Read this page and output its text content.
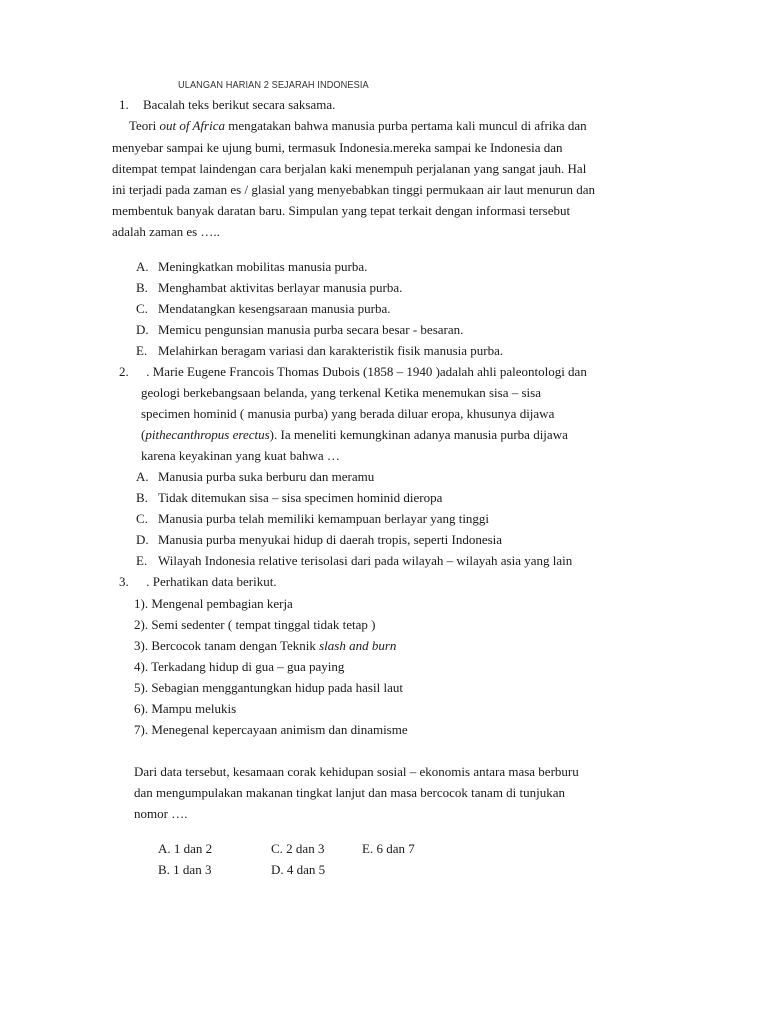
ULANGAN HARIAN 2 SEJARAH INDONESIA
1. Bacalah teks berikut secara saksama.
Teori out of Africa mengatakan bahwa manusia purba pertama kali muncul di afrika dan
menyebar sampai ke ujung bumi, termasuk Indonesia.mereka sampai ke Indonesia dan
ditempat tempat laindengan cara berjalan kaki menempuh perjalanan yang sangat jauh. Hal
ini terjadi pada zaman es / glasial yang menyebabkan tinggi permukaan air laut menurun dan
membentuk banyak daratan baru. Simpulan yang tepat terkait dengan informasi tersebut
adalah zaman es …..
A. Meningkatkan mobilitas manusia purba.
B. Menghambat aktivitas berlayar manusia purba.
C. Mendatangkan kesengsaraan manusia purba.
D. Memicu pengunsian manusia purba secara besar - besaran.
E. Melahirkan beragam variasi dan karakteristik fisik manusia purba.
2. . Marie Eugene Francois Thomas Dubois (1858 – 1940 )adalah ahli paleontologi dan
geologi berkebangsaan belanda, yang terkenal Ketika menemukan sisa – sisa
specimen hominid ( manusia purba) yang berada diluar eropa, khusunya dijawa
(pithecanthropus erectus). Ia meneliti kemungkinan adanya manusia purba dijawa
karena keyakinan yang kuat bahwa …
A. Manusia purba suka berburu dan meramu
B. Tidak ditemukan sisa – sisa specimen hominid dieropa
C. Manusia purba telah memiliki kemampuan berlayar yang tinggi
D. Manusia purba menyukai hidup di daerah tropis, seperti Indonesia
E. Wilayah Indonesia relative terisolasi dari pada wilayah – wilayah asia yang lain
3. . Perhatikan data berikut.
1). Mengenal pembagian kerja
2). Semi sedenter ( tempat tinggal tidak tetap )
3). Bercocok tanam dengan Teknik slash and burn
4). Terkadang hidup di gua – gua paying
5). Sebagian menggantungkan hidup pada hasil laut
6). Mampu melukis
7). Menegenal kepercayaan animism dan dinamisme
Dari data tersebut, kesamaan corak kehidupan sosial – ekonomis antara masa berburu
dan mengumpulakan makanan tingkat lanjut dan masa bercocok tanam di tunjukan
nomor ….
A. 1 dan 2	C. 2 dan 3	E. 6 dan 7
B. 1 dan 3	D. 4 dan 5
